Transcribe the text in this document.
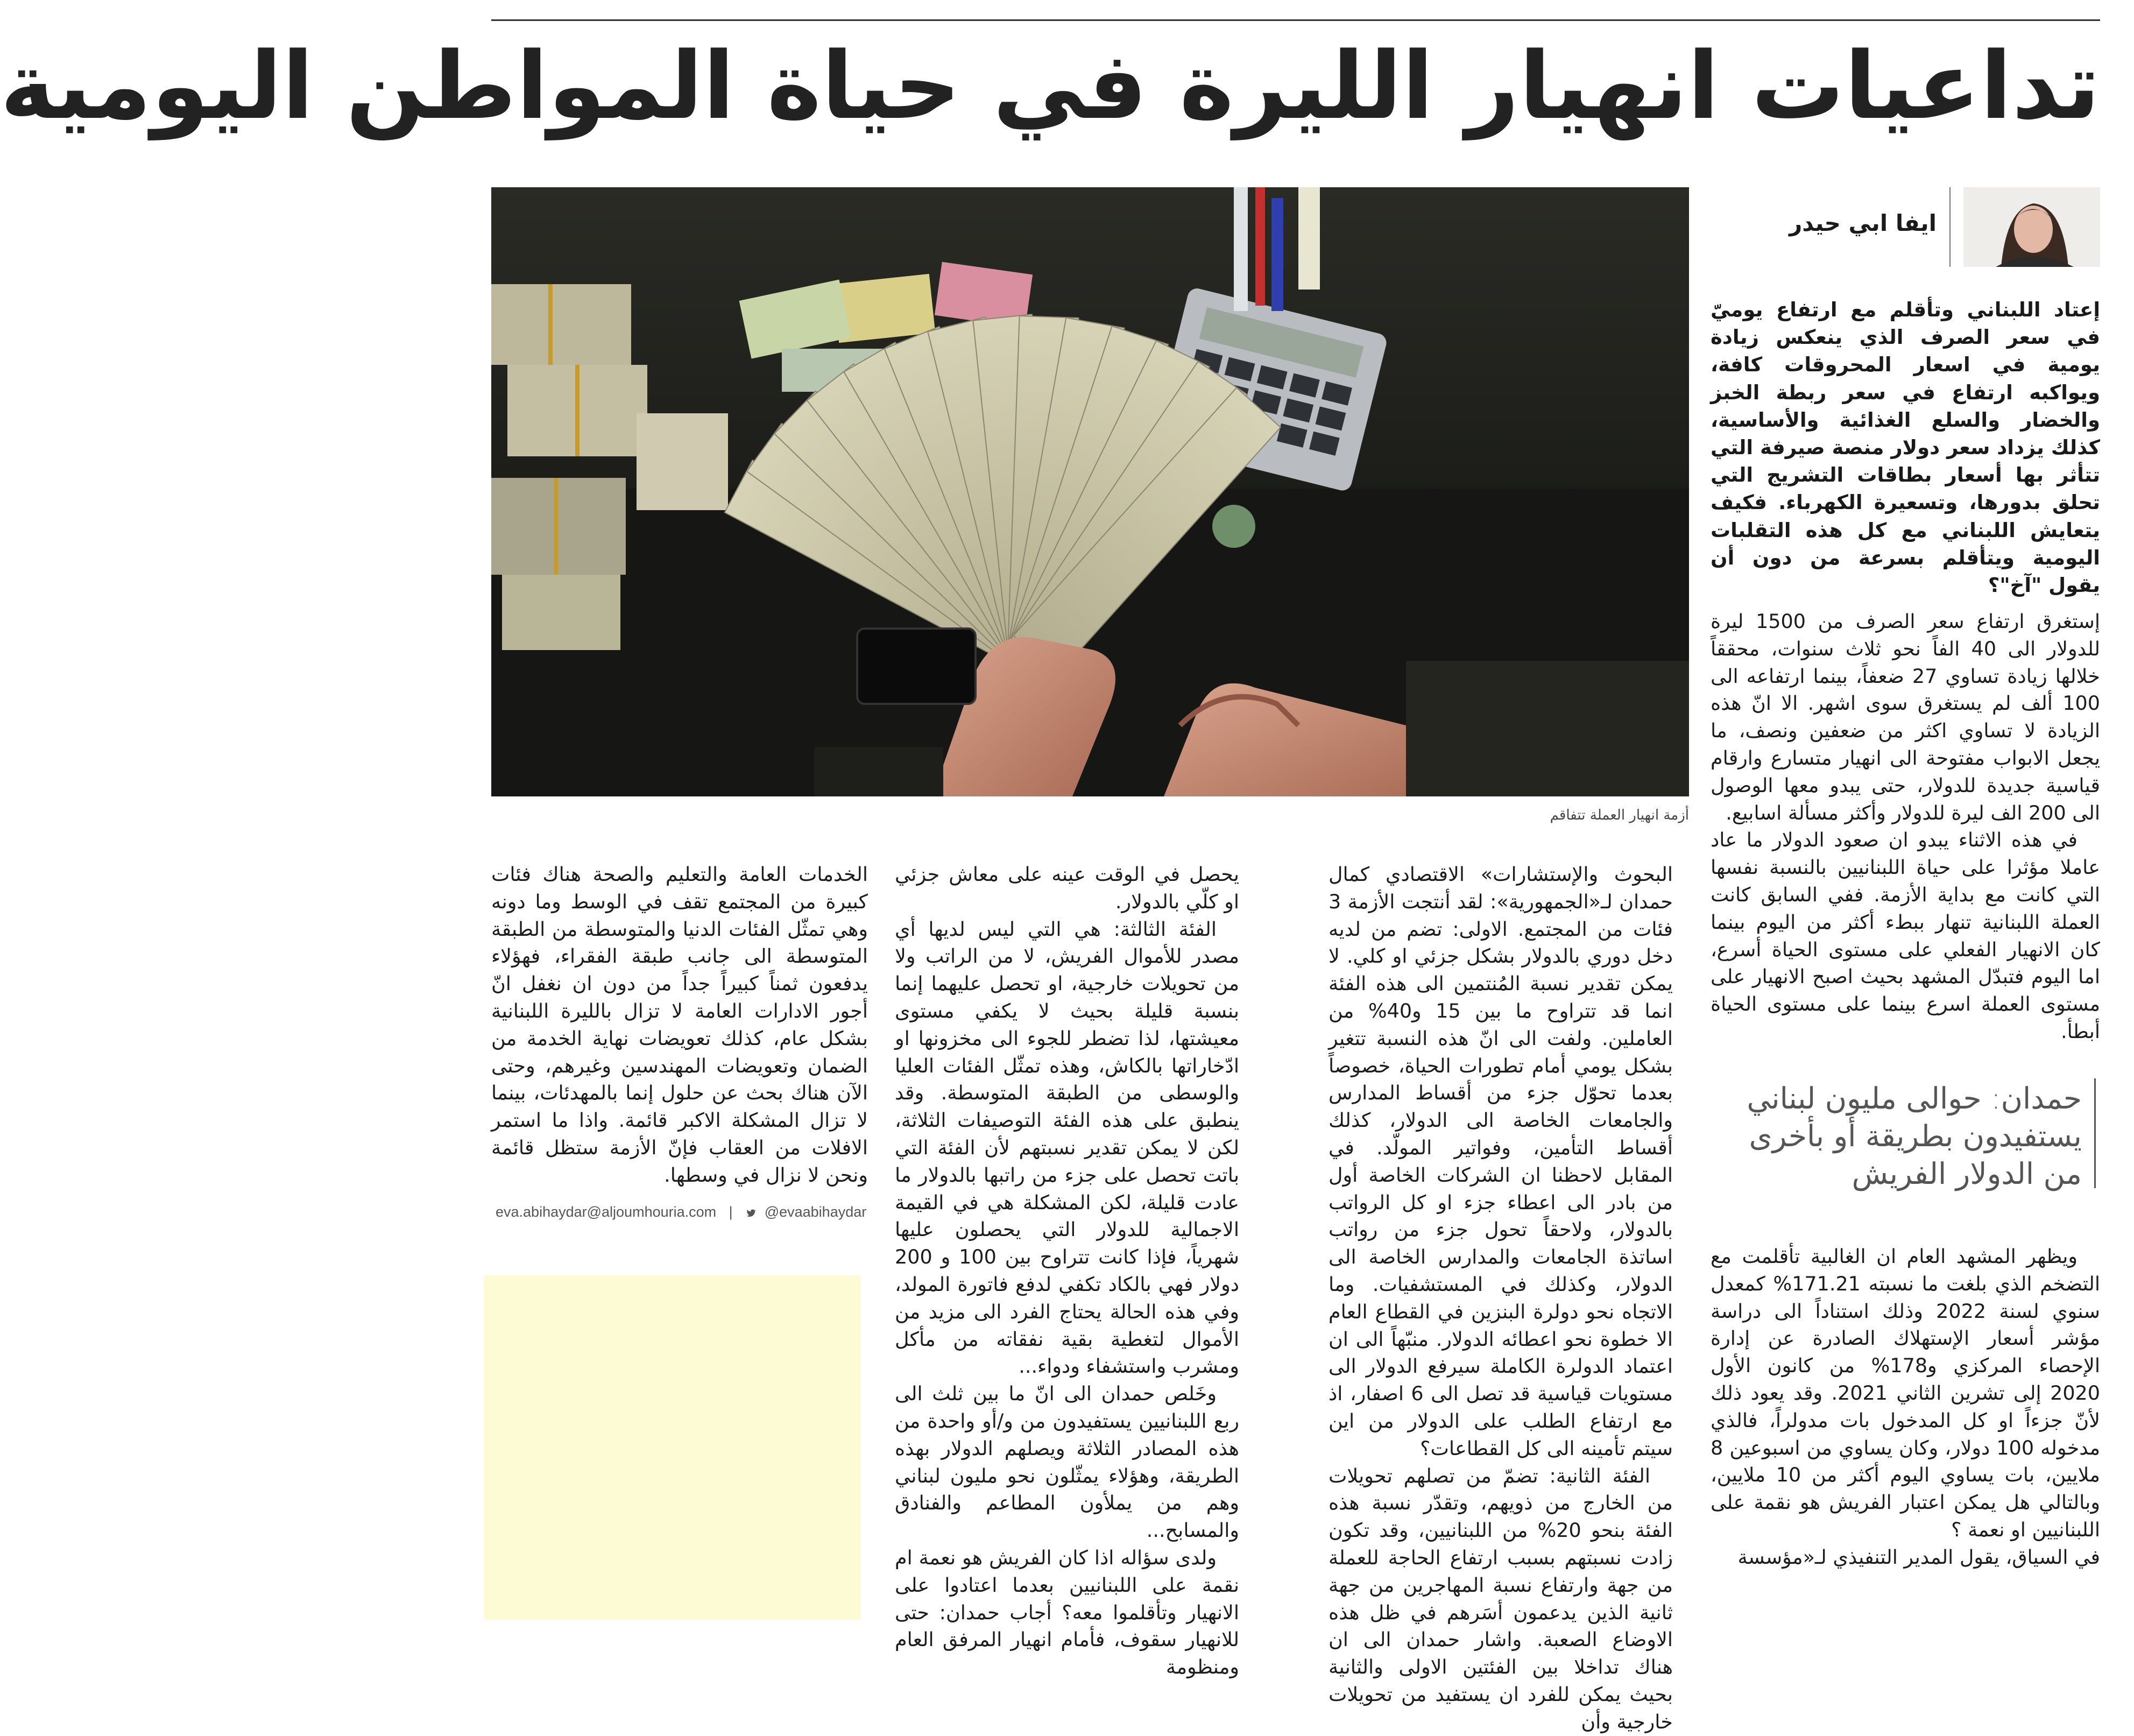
تداعيات انهيار الليرة في حياة المواطن اليومية
أزمة انهيار العملة تتفاقم
ايفا ابي حيدر

إعتاد اللبناني وتأقلم مع ارتفاع يوميّ في سعر الصرف الذي ينعكس زيادة يومية في اسعار المحروقات كافة، ويواكبه ارتفاع في سعر ربطة الخبز والخضار والسلع الغذائية والأساسية، كذلك يزداد سعر دولار منصة صيرفة التي تتأثر بها أسعار بطاقات التشريج التي تحلق بدورها، وتسعيرة الكهرباء. فكيف يتعايش اللبناني مع كل هذه التقلبات اليومية ويتأقلم بسرعة من دون أن يقول "آخ"؟

إستغرق ارتفاع سعر الصرف من 1500 ليرة للدولار الى 40 الفاً نحو ثلاث سنوات، محققاً خلالها زيادة تساوي 27 ضعفاً، بينما ارتفاعه الى 100 ألف لم يستغرق سوى اشهر. الا انّ هذه الزيادة لا تساوي اكثر من ضعفين ونصف، ما يجعل الابواب مفتوحة الى انهيار متسارع وارقام قياسية جديدة للدولار، حتى يبدو معها الوصول الى 200 الف ليرة للدولار وأكثر مسألة اسابيع.

في هذه الاثناء يبدو ان صعود الدولار ما عاد عاملا مؤثرا على حياة اللبنانيين بالنسبة نفسها التي كانت مع بداية الأزمة. ففي السابق كانت العملة اللبنانية تنهار ببطء أكثر من اليوم بينما كان الانهيار الفعلي على مستوى الحياة أسرع، اما اليوم فتبدّل المشهد بحيث اصبح الانهيار على مستوى العملة اسرع بينما على مستوى الحياة أبطأ.

حمدان: حوالى مليون لبناني يستفيدون بطريقة أو بأخرى من الدولار الفريش

ويظهر المشهد العام ان الغالبية تأقلمت مع التضخم الذي بلغت ما نسبته 171.21% كمعدل سنوي لسنة 2022 وذلك استناداً الى دراسة مؤشر أسعار الإستهلاك الصادرة عن إدارة الإحصاء المركزي و178% من كانون الأول 2020 إلى تشرين الثاني 2021. وقد يعود ذلك لأنّ جزءاً او كل المدخول بات مدولراً، فالذي مدخوله 100 دولار، وكان يساوي من اسبوعين 8 ملايين، بات يساوي اليوم أكثر من 10 ملايين، وبالتالي هل يمكن اعتبار الفريش هو نقمة على اللبنانيين او نعمة ؟

في السياق، يقول المدير التنفيذي لـ«مؤسسة

البحوث والإستشارات» الاقتصادي كمال حمدان لـ«الجمهورية»: لقد أنتجت الأزمة 3 فئات من المجتمع. الاولى: تضم من لديه دخل دوري بالدولار بشكل جزئي او كلي. لا يمكن تقدير نسبة المُنتمين الى هذه الفئة انما قد تتراوح ما بين 15 و40% من العاملين. ولفت الى انّ هذه النسبة تتغير بشكل يومي أمام تطورات الحياة، خصوصاً بعدما تحوّل جزء من أقساط المدارس والجامعات الخاصة الى الدولار، كذلك أقساط التأمين، وفواتير المولّد. في المقابل لاحظنا ان الشركات الخاصة أول من بادر الى اعطاء جزء او كل الرواتب بالدولار، ولاحقاً تحول جزء من رواتب اساتذة الجامعات والمدارس الخاصة الى الدولار، وكذلك في المستشفيات. وما الاتجاه نحو دولرة البنزين في القطاع العام الا خطوة نحو اعطائه الدولار. منبّهاً الى ان اعتماد الدولرة الكاملة سيرفع الدولار الى مستويات قياسية قد تصل الى 6 اصفار، اذ مع ارتفاع الطلب على الدولار من اين سيتم تأمينه الى كل القطاعات؟

الفئة الثانية: تضمّ من تصلهم تحويلات من الخارج من ذويهم، وتقدّر نسبة هذه الفئة بنحو 20% من اللبنانيين، وقد تكون زادت نسبتهم بسبب ارتفاع الحاجة للعملة من جهة وارتفاع نسبة المهاجرين من جهة ثانية الذين يدعمون أسَرهم في ظل هذه الاوضاع الصعبة. واشار حمدان الى ان هناك تداخلا بين الفئتين الاولى والثانية بحيث يمكن للفرد ان يستفيد من تحويلات خارجية وأن

يحصل في الوقت عينه على معاش جزئي او كلّي بالدولار.

الفئة الثالثة: هي التي ليس لديها أي مصدر للأموال الفريش، لا من الراتب ولا من تحويلات خارجية، او تحصل عليهما إنما بنسبة قليلة بحيث لا يكفي مستوى معيشتها، لذا تضطر للجوء الى مخزونها او ادّخاراتها بالكاش، وهذه تمثّل الفئات العليا والوسطى من الطبقة المتوسطة. وقد ينطبق على هذه الفئة التوصيفات الثلاثة، لكن لا يمكن تقدير نسبتهم لأن الفئة التي باتت تحصل على جزء من راتبها بالدولار ما عادت قليلة، لكن المشكلة هي في القيمة الاجمالية للدولار التي يحصلون عليها شهرياً، فإذا كانت تتراوح بين 100 و 200 دولار فهي بالكاد تكفي لدفع فاتورة المولد، وفي هذه الحالة يحتاج الفرد الى مزيد من الأموال لتغطية بقية نفقاته من مأكل ومشرب واستشفاء ودواء...

وخَلص حمدان الى انّ ما بين ثلث الى ربع اللبنانيين يستفيدون من و/أو واحدة من هذه المصادر الثلاثة ويصلهم الدولار بهذه الطريقة، وهؤلاء يمثّلون نحو مليون لبناني وهم من يملأون المطاعم والفنادق والمسابح...

ولدى سؤاله اذا كان الفريش هو نعمة ام نقمة على اللبنانيين بعدما اعتادوا على الانهيار وتأقلموا معه؟ أجاب حمدان: حتى للانهيار سقوف، فأمام انهيار المرفق العام ومنظومة

الخدمات العامة والتعليم والصحة هناك فئات كبيرة من المجتمع تقف في الوسط وما دونه وهي تمثّل الفئات الدنيا والمتوسطة من الطبقة المتوسطة الى جانب طبقة الفقراء، فهؤلاء يدفعون ثمناً كبيراً جداً من دون ان نغفل انّ أجور الادارات العامة لا تزال بالليرة اللبنانية بشكل عام، كذلك تعويضات نهاية الخدمة من الضمان وتعويضات المهندسين وغيرهم، وحتى الآن هناك بحث عن حلول إنما بالمهدئات، بينما لا تزال المشكلة الاكبر قائمة. واذا ما استمر الافلات من العقاب فإنّ الأزمة ستظل قائمة ونحن لا نزال في وسطها.

eva.abihaydar@aljoumhouria.com | @evaabihaydar
